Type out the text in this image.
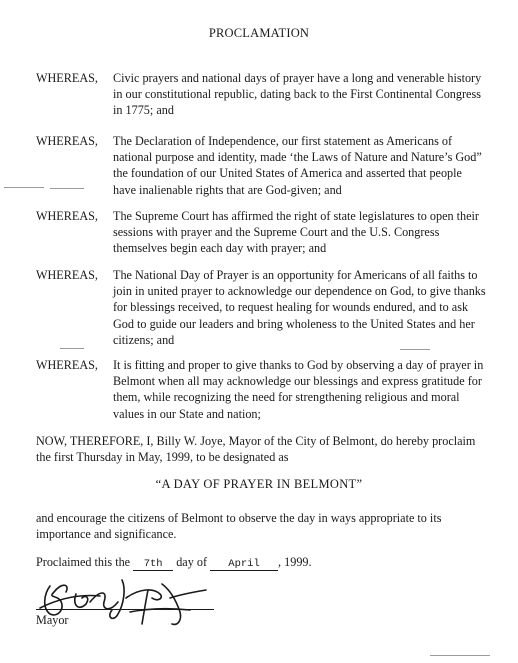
PROCLAMATION
WHEREAS,	Civic prayers and national days of prayer have a long and venerable history in our constitutional republic, dating back to the First Continental Congress in 1775; and
WHEREAS,	The Declaration of Independence, our first statement as Americans of national purpose and identity, made ‘the Laws of Nature and Nature’s God” the foundation of our United States of America and asserted that people have inalienable rights that are God-given; and
WHEREAS,	The Supreme Court has affirmed the right of state legislatures to open their sessions with prayer and the Supreme Court and the U.S. Congress themselves begin each day with prayer; and
WHEREAS,	The National Day of Prayer is an opportunity for Americans of all faiths to join in united prayer to acknowledge our dependence on God, to give thanks for blessings received, to request healing for wounds endured, and to ask God to guide our leaders and bring wholeness to the United States and her citizens; and
WHEREAS,	It is fitting and proper to give thanks to God by observing a day of prayer in Belmont when all may acknowledge our blessings and express gratitude for them, while recognizing the need for strengthening religious and moral values in our State and nation;
NOW, THEREFORE, I, Billy W. Joye, Mayor of the City of Belmont, do hereby proclaim the first Thursday in May, 1999, to be designated as
“A DAY OF PRAYER IN BELMONT”
and encourage the citizens of Belmont to observe the day in ways appropriate to its importance and significance.
Proclaimed this the 7th day of April , 1999.
Mayor
